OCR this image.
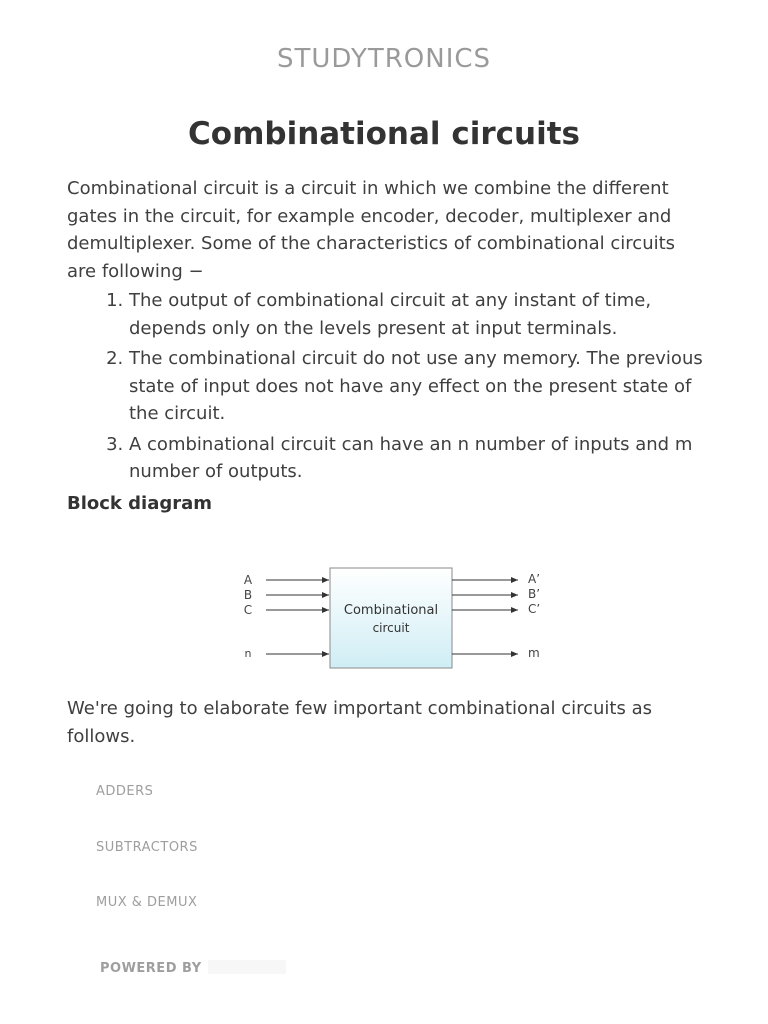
STUDYTRONICS
Combinational circuits

Combinational circuit is a circuit in which we combine the different gates in the circuit, for example encoder, decoder, multiplexer and demultiplexer. Some of the characteristics of combinational circuits are following −

1. The output of combinational circuit at any instant of time, depends only on the levels present at input terminals.
2. The combinational circuit do not use any memory. The previous state of input does not have any effect on the present state of the circuit.
3. A combinational circuit can have an n number of inputs and m number of outputs.
Block diagram
Combinational
circuit
A
B
C
n
A’
B’
C’
m

We're going to elaborate few important combinational circuits as follows.

ADDERS
SUBTRACTORS
MUX & DEMUX
POWERED BY
